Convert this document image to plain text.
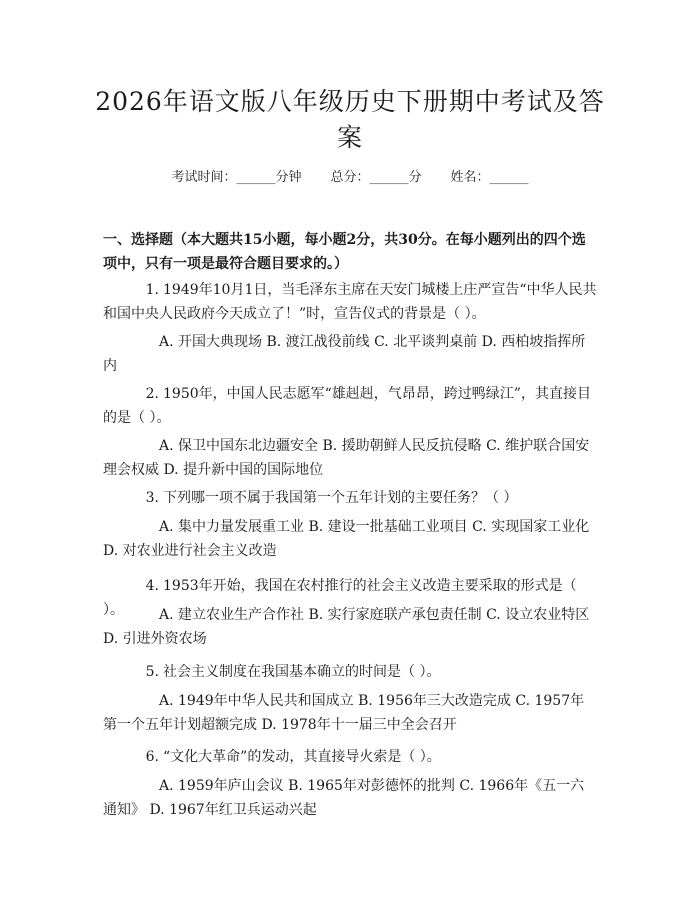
2026年语文版八年级历史下册期中考试及答案
考试时间：______分钟 总分：______分 姓名：______
一、选择题（本大题共15小题，每小题2分，共30分。在每小题列出的四个选项中，只有一项是最符合题目要求的。）
1. 1949年10月1日，当毛泽东主席在天安门城楼上庄严宣告“中华人民共和国中央人民政府今天成立了！”时，宣告仪式的背景是（ ）。
A. 开国大典现场 B. 渡江战役前线 C. 北平谈判桌前 D. 西柏坡指挥所内
2. 1950年，中国人民志愿军“雄赳赳，气昂昂，跨过鸭绿江”，其直接目的是（ ）。
A. 保卫中国东北边疆安全 B. 援助朝鲜人民反抗侵略 C. 维护联合国安理会权威 D. 提升新中国的国际地位
3. 下列哪一项不属于我国第一个五年计划的主要任务？（ ）
A. 集中力量发展重工业 B. 建设一批基础工业项目 C. 实现国家工业化 D. 对农业进行社会主义改造
4. 1953年开始，我国在农村推行的社会主义改造主要采取的形式是（ ）。	A. 建立农业生产合作社 B. 实行家庭联产承包责任制 C. 设立农业特区 D. 引进外资农场
5. 社会主义制度在我国基本确立的时间是（ ）。
A. 1949年中华人民共和国成立 B. 1956年三大改造完成 C. 1957年第一个五年计划超额完成 D. 1978年十一届三中全会召开
6. “文化大革命”的发动，其直接导火索是（ ）。
A. 1959年庐山会议 B. 1965年对彭德怀的批判 C. 1966年《五一六通知》 D. 1967年红卫兵运动兴起
